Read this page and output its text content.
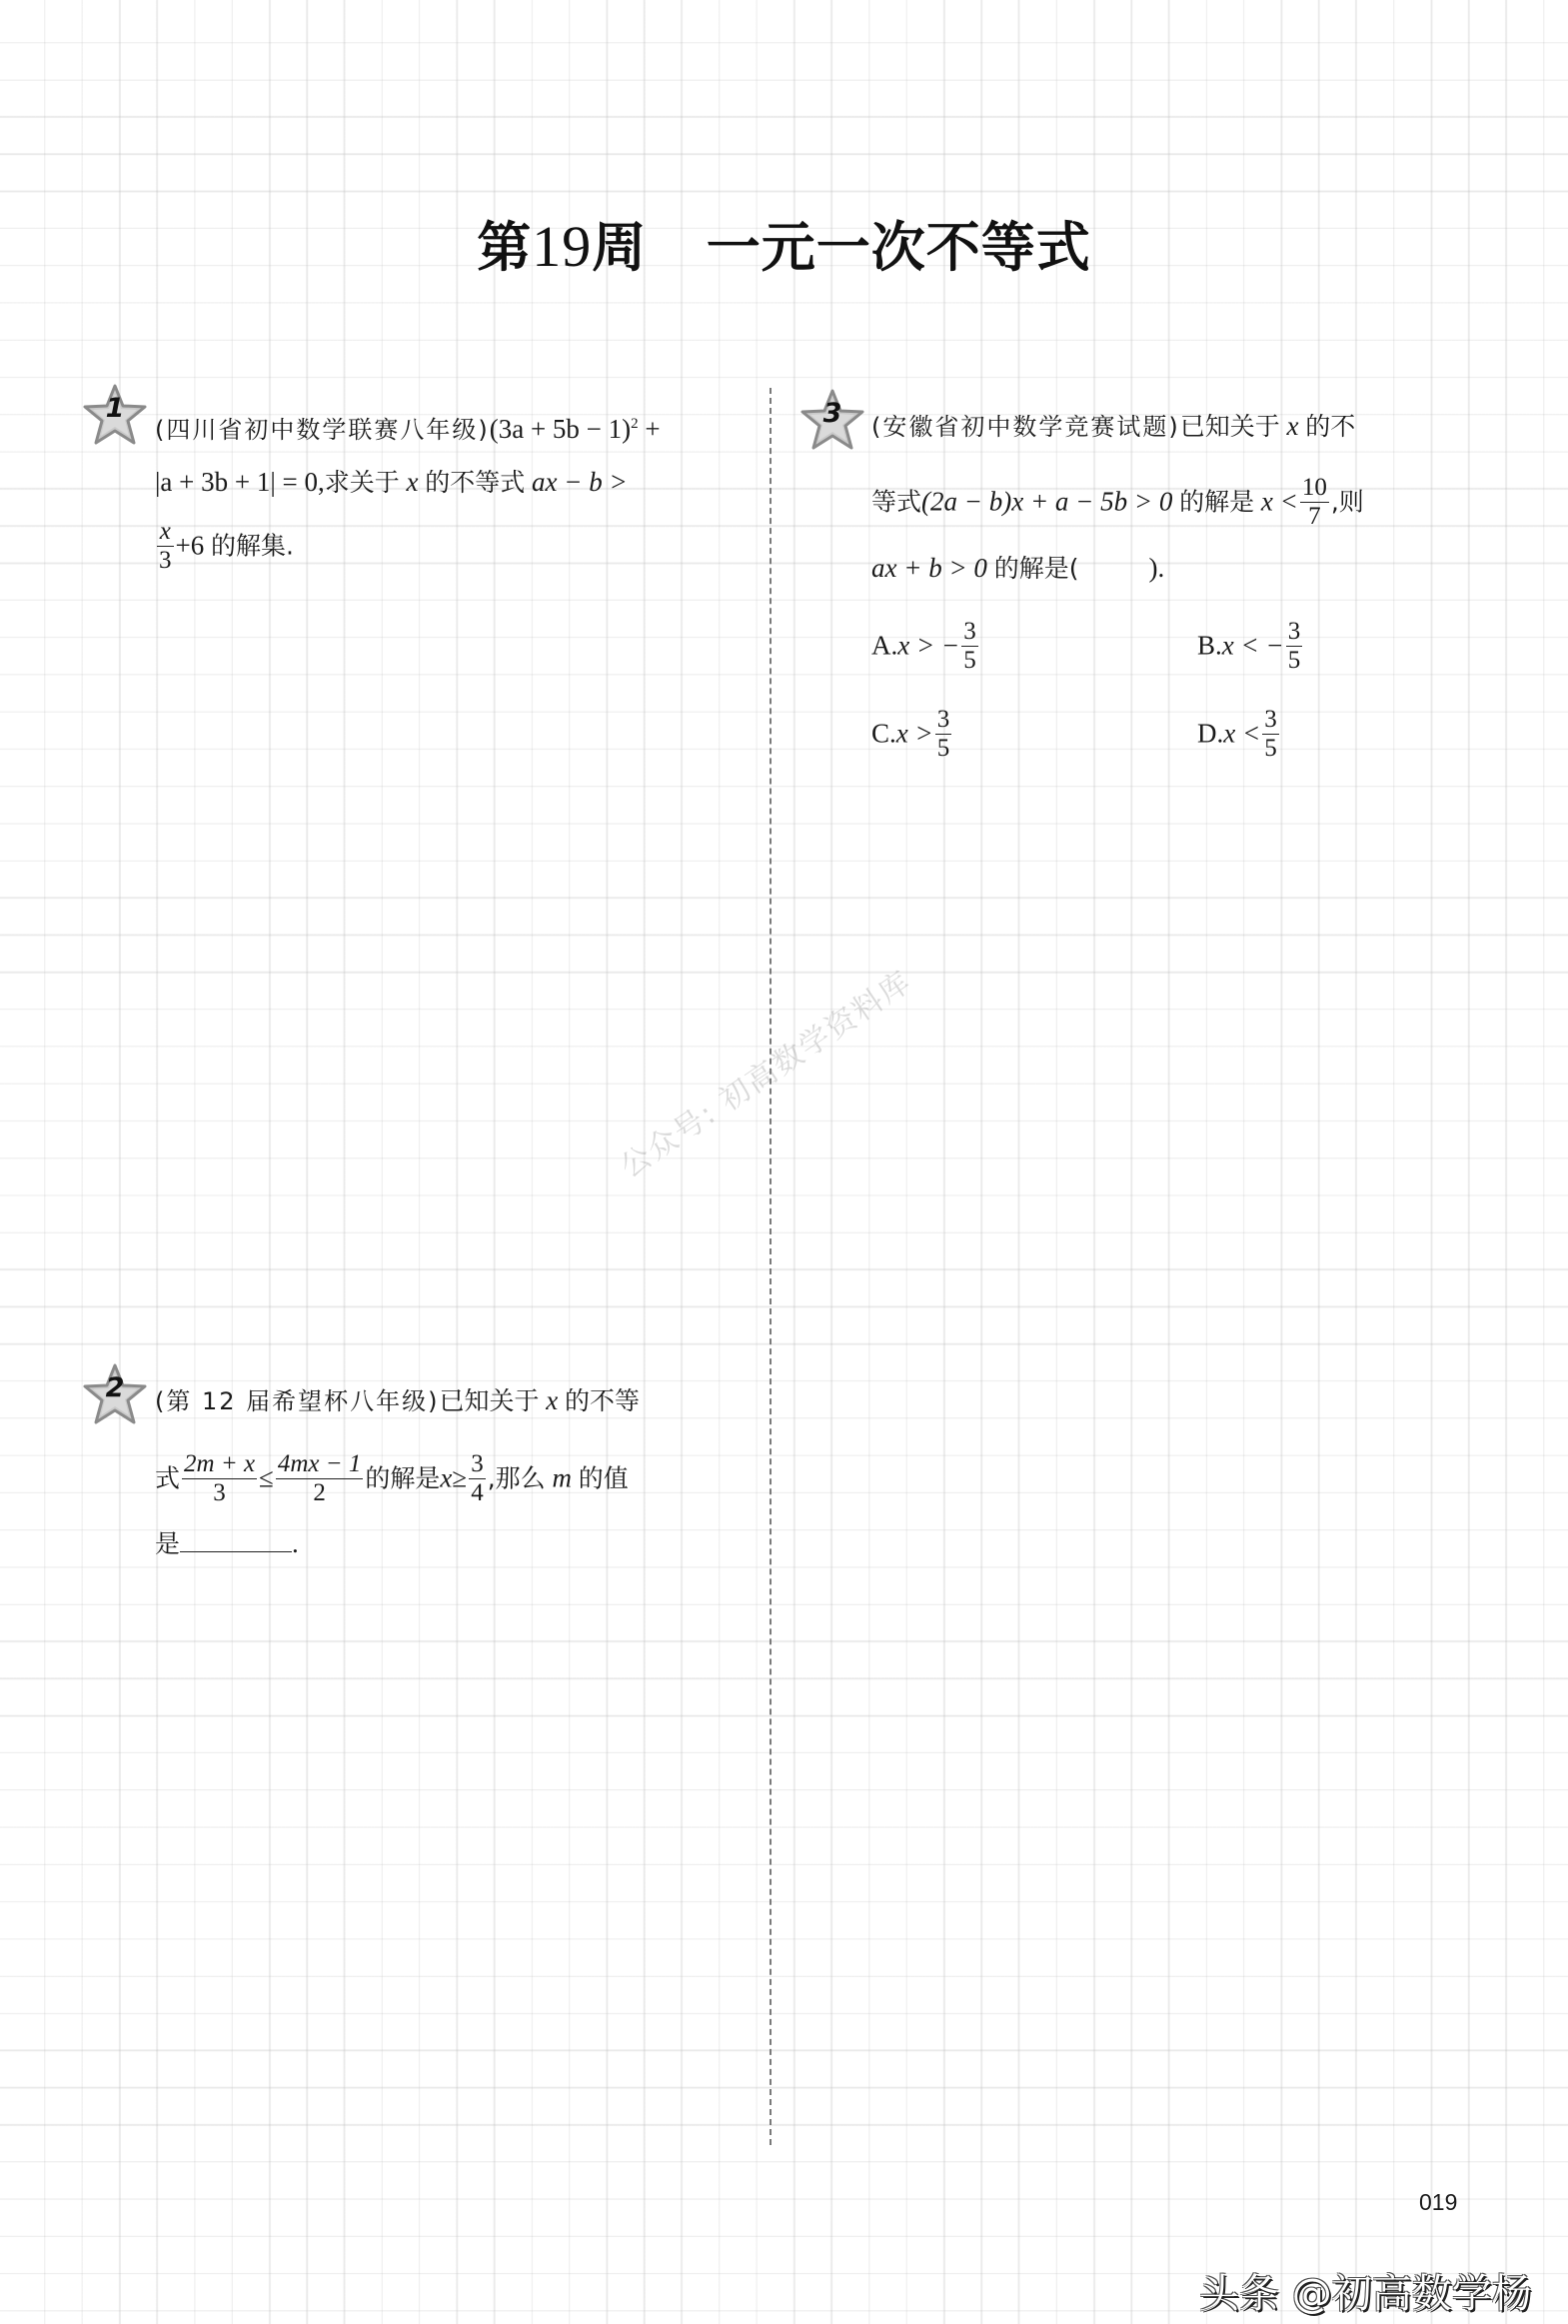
第19周 一元一次不等式
1
(四川省初中数学联赛八年级)$(3a + 5b - 1)^2$ +
|a + 3b + 1| = 0,求关于 x 的不等式 ax − b >
$\frac{x}{3} +6$ 的解集.
3	(安徽省初中数学竞赛试题)已知关于 x 的不
等式(2a − b)x + a − 5b > 0 的解是 $x < \frac{10}{7}$ ,则
ax + b > 0 的解是(	).
A.x > − $\frac{3}{5}$	B.x < − $\frac{3}{5}$
$C.x > \frac{3}{5}$	$D.x < \frac{3}{5}$
2	(第 12 届希望杯八年级)已知关于 x 的不等
式 $\frac{2m + x}{3} \le \frac{4mx - 1}{2}$ 的解是$x\ge \frac{3}{4}$ ,那么 m 的值
是	.
公众号: 初高数学资料库
019
头条 @初高数学杨
